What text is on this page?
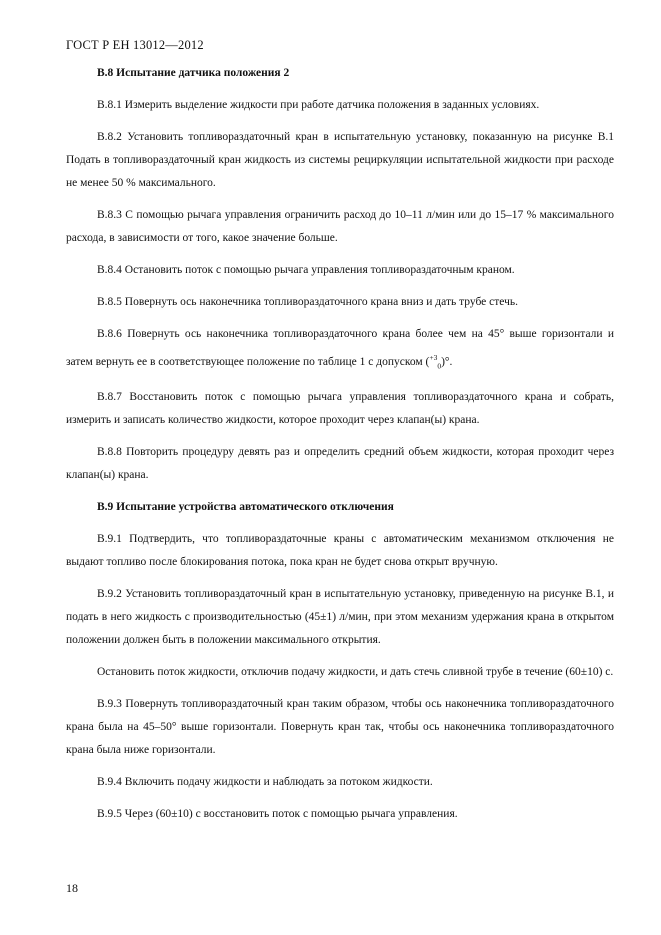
ГОСТ Р ЕН 13012—2012

В.8 Испытание датчика положения 2

В.8.1 Измерить выделение жидкости при работе датчика положения в заданных условиях.

В.8.2 Установить топливораздаточный кран в испытательную установку, показанную на рисунке В.1 Подать в топливораздаточный кран жидкость из системы рециркуляции испытательной жидкости при расходе не менее 50 % максимального.

В.8.3 С помощью рычага управления ограничить расход до 10–11 л/мин или до 15–17 % максимального расхода, в зависимости от того, какое значение больше.

В.8.4 Остановить поток с помощью рычага управления топливораздаточным краном.

В.8.5 Повернуть ось наконечника топливораздаточного крана вниз и дать трубе стечь.

В.8.6 Повернуть ось наконечника топливораздаточного крана более чем на 45° выше горизонтали и затем вернуть ее в соответствующее положение по таблице 1 с допуском ($^{+3}_0$)°.

В.8.7 Восстановить поток с помощью рычага управления топливораздаточного крана и собрать, измерить и записать количество жидкости, которое проходит через клапан(ы) крана.

В.8.8 Повторить процедуру девять раз и определить средний объем жидкости, которая проходит через клапан(ы) крана.

В.9 Испытание устройства автоматического отключения

В.9.1 Подтвердить, что топливораздаточные краны с автоматическим механизмом отключения не выдают топливо после блокирования потока, пока кран не будет снова открыт вручную.

В.9.2 Установить топливораздаточный кран в испытательную установку, приведенную на рисунке В.1, и подать в него жидкость с производительностью (45±1) л/мин, при этом механизм удержания крана в открытом положении должен быть в положении максимального открытия.

Остановить поток жидкости, отключив подачу жидкости, и дать стечь сливной трубе в течение (60±10) с.

В.9.3 Повернуть топливораздаточный кран таким образом, чтобы ось наконечника топливораздаточного крана была на 45–50° выше горизонтали. Повернуть кран так, чтобы ось наконечника топливораздаточного крана была ниже горизонтали.

В.9.4 Включить подачу жидкости и наблюдать за потоком жидкости.

В.9.5 Через (60±10) с восстановить поток с помощью рычага управления.

18
